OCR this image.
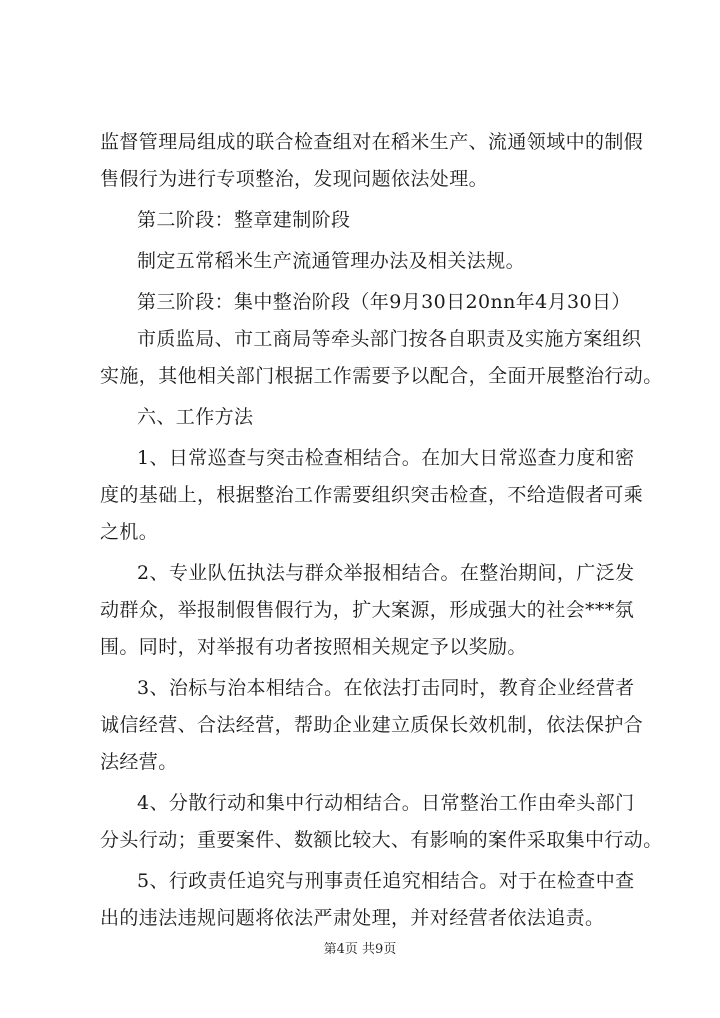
监督管理局组成的联合检查组对在稻米生产、流通领域中的制假
售假行为进行专项整治，发现问题依法处理。
第二阶段：整章建制阶段
制定五常稻米生产流通管理办法及相关法规。
第三阶段：集中整治阶段（年9月30日20nn年4月30日）
市质监局、市工商局等牵头部门按各自职责及实施方案组织
实施，其他相关部门根据工作需要予以配合，全面开展整治行动。
六、工作方法
1、日常巡查与突击检查相结合。在加大日常巡查力度和密
度的基础上，根据整治工作需要组织突击检查，不给造假者可乘
之机。
2、专业队伍执法与群众举报相结合。在整治期间，广泛发
动群众，举报制假售假行为，扩大案源，形成强大的社会***氛
围。同时，对举报有功者按照相关规定予以奖励。
3、治标与治本相结合。在依法打击同时，教育企业经营者
诚信经营、合法经营，帮助企业建立质保长效机制，依法保护合
法经营。
4、分散行动和集中行动相结合。日常整治工作由牵头部门
分头行动；重要案件、数额比较大、有影响的案件采取集中行动。
5、行政责任追究与刑事责任追究相结合。对于在检查中查
出的违法违规问题将依法严肃处理，并对经营者依法追责。
第4页 共9页
